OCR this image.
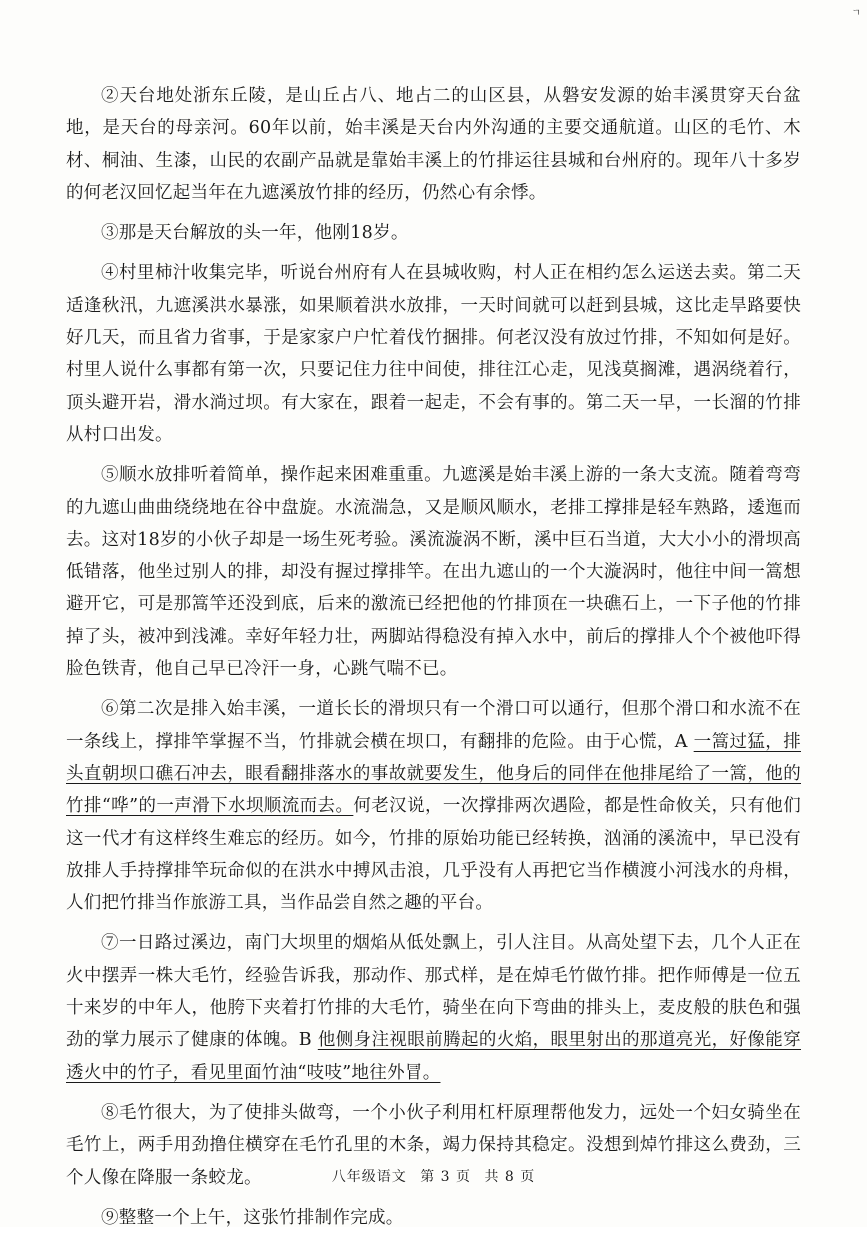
ㄱ

②天台地处浙东丘陵，是山丘占八、地占二的山区县，从磐安发源的始丰溪贯穿天台盆地，是天台的母亲河。60年以前，始丰溪是天台内外沟通的主要交通航道。山区的毛竹、木材、桐油、生漆，山民的农副产品就是靠始丰溪上的竹排运往县城和台州府的。现年八十多岁的何老汉回忆起当年在九遮溪放竹排的经历，仍然心有余悸。

③那是天台解放的头一年，他刚18岁。

④村里柿汁收集完毕，听说台州府有人在县城收购，村人正在相约怎么运送去卖。第二天适逢秋汛，九遮溪洪水暴涨，如果顺着洪水放排，一天时间就可以赶到县城，这比走旱路要快好几天，而且省力省事，于是家家户户忙着伐竹捆排。何老汉没有放过竹排，不知如何是好。村里人说什么事都有第一次，只要记住力往中间使，排往江心走，见浅莫搁滩，遇涡绕着行，顶头避开岩，滑水淌过坝。有大家在，跟着一起走，不会有事的。第二天一早，一长溜的竹排从村口出发。

⑤顺水放排听着简单，操作起来困难重重。九遮溪是始丰溪上游的一条大支流。随着弯弯的九遮山曲曲绕绕地在谷中盘旋。水流湍急，又是顺风顺水，老排工撑排是轻车熟路，逶迤而去。这对18岁的小伙子却是一场生死考验。溪流漩涡不断，溪中巨石当道，大大小小的滑坝高低错落，他坐过别人的排，却没有握过撑排竿。在出九遮山的一个大漩涡时，他往中间一篙想避开它，可是那篙竿还没到底，后来的激流已经把他的竹排顶在一块礁石上，一下子他的竹排掉了头，被冲到浅滩。幸好年轻力壮，两脚站得稳没有掉入水中，前后的撑排人个个被他吓得脸色铁青，他自己早已冷汗一身，心跳气喘不已。

⑥第二次是排入始丰溪，一道长长的滑坝只有一个滑口可以通行，但那个滑口和水流不在一条线上，撑排竿掌握不当，竹排就会横在坝口，有翻排的危险。由于心慌，A 一篙过猛，排头直朝坝口礁石冲去，眼看翻排落水的事故就要发生，他身后的同伴在他排尾给了一篙，他的竹排“哗”的一声滑下水坝顺流而去。何老汉说，一次撑排两次遇险，都是性命攸关，只有他们这一代才有这样终生难忘的经历。如今，竹排的原始功能已经转换，汹涌的溪流中，早已没有放排人手持撑排竿玩命似的在洪水中搏风击浪，几乎没有人再把它当作横渡小河浅水的舟楫，人们把竹排当作旅游工具，当作品尝自然之趣的平台。

⑦一日路过溪边，南门大坝里的烟焰从低处飘上，引人注目。从高处望下去，几个人正在火中摆弄一株大毛竹，经验告诉我，那动作、那式样，是在焯毛竹做竹排。把作师傅是一位五十来岁的中年人，他胯下夹着打竹排的大毛竹，骑坐在向下弯曲的排头上，麦皮般的肤色和强劲的掌力展示了健康的体魄。B 他侧身注视眼前腾起的火焰，眼里射出的那道亮光，好像能穿透火中的竹子，看见里面竹油“吱吱”地往外冒。

⑧毛竹很大，为了使排头做弯，一个小伙子利用杠杆原理帮他发力，远处一个妇女骑坐在毛竹上，两手用劲撸住横穿在毛竹孔里的木条，竭力保持其稳定。没想到焯竹排这么费劲，三个人像在降服一条蛟龙。

⑨整整一个上午，这张竹排制作完成。

八年级语文 第 3 页 共 8 页
